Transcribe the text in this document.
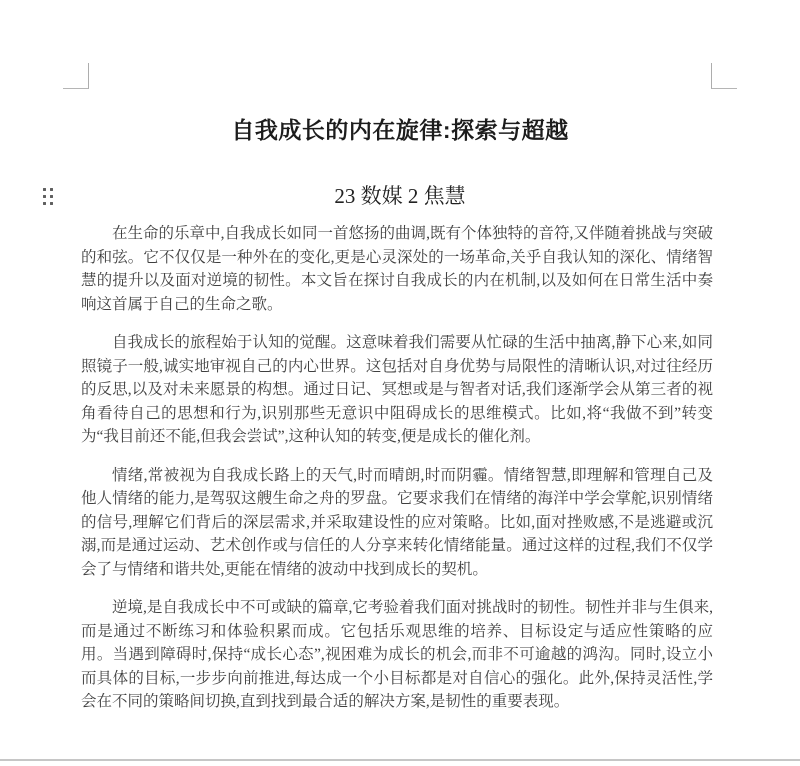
自我成长的内在旋律:探索与超越
23 数媒 2 焦慧

在生命的乐章中,自我成长如同一首悠扬的曲调,既有个体独特的音符,又伴随着挑战与突破的和弦。它不仅仅是一种外在的变化,更是心灵深处的一场革命,关乎自我认知的深化、情绪智慧的提升以及面对逆境的韧性。本文旨在探讨自我成长的内在机制,以及如何在日常生活中奏响这首属于自己的生命之歌。

自我成长的旅程始于认知的觉醒。这意味着我们需要从忙碌的生活中抽离,静下心来,如同照镜子一般,诚实地审视自己的内心世界。这包括对自身优势与局限性的清晰认识,对过往经历的反思,以及对未来愿景的构想。通过日记、冥想或是与智者对话,我们逐渐学会从第三者的视角看待自己的思想和行为,识别那些无意识中阻碍成长的思维模式。比如,将“我做不到”转变为“我目前还不能,但我会尝试”,这种认知的转变,便是成长的催化剂。

情绪,常被视为自我成长路上的天气,时而晴朗,时而阴霾。情绪智慧,即理解和管理自己及他人情绪的能力,是驾驭这艘生命之舟的罗盘。它要求我们在情绪的海洋中学会掌舵,识别情绪的信号,理解它们背后的深层需求,并采取建设性的应对策略。比如,面对挫败感,不是逃避或沉溺,而是通过运动、艺术创作或与信任的人分享来转化情绪能量。通过这样的过程,我们不仅学会了与情绪和谐共处,更能在情绪的波动中找到成长的契机。

逆境,是自我成长中不可或缺的篇章,它考验着我们面对挑战时的韧性。韧性并非与生俱来,而是通过不断练习和体验积累而成。它包括乐观思维的培养、目标设定与适应性策略的应用。当遇到障碍时,保持“成长心态”,视困难为成长的机会,而非不可逾越的鸿沟。同时,设立小而具体的目标,一步步向前推进,每达成一个小目标都是对自信心的强化。此外,保持灵活性,学会在不同的策略间切换,直到找到最合适的解决方案,是韧性的重要表现。
